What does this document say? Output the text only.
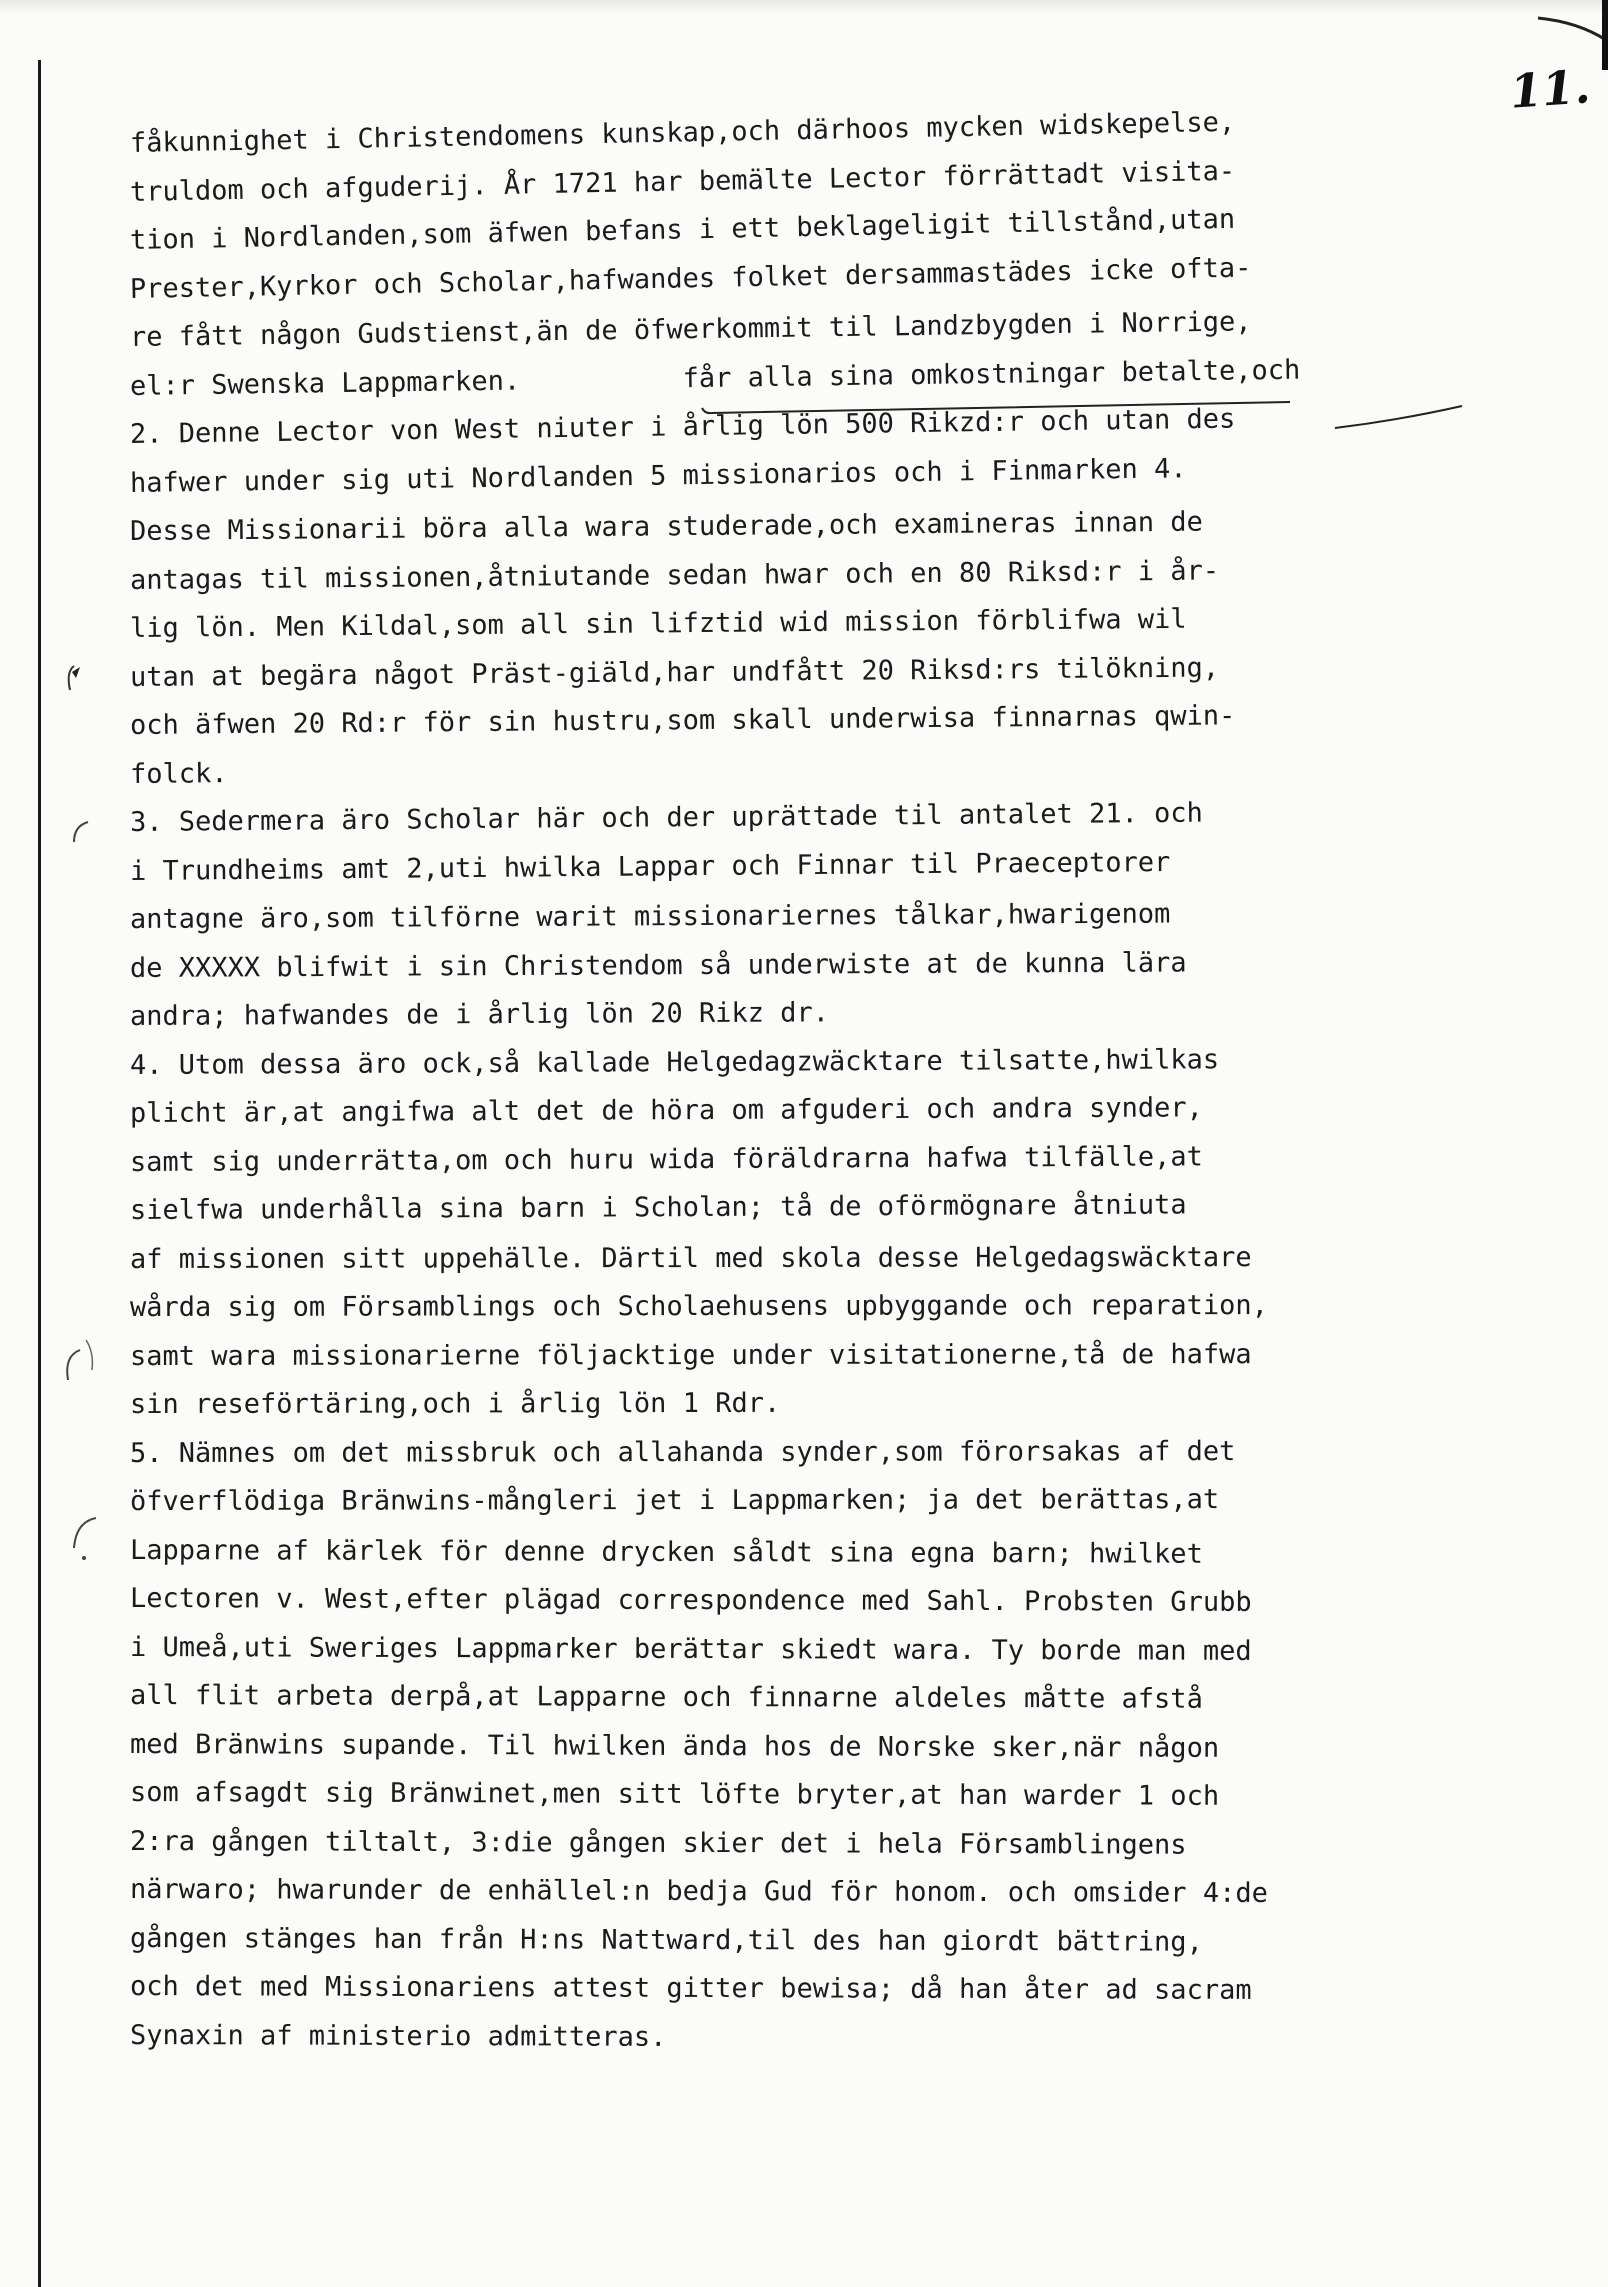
11.
fåkunnighet i Christendomens kunskap,och därhoos mycken widskepelse,
truldom och afguderij. År 1721 har bemälte Lector förrättadt visita-
tion i Nordlanden,som äfwen befans i ett beklageligit tillstånd,utan
Prester,Kyrkor och Scholar,hafwandes folket dersammastädes icke ofta-
re fått någon Gudstienst,än de öfwerkommit til Landzbygden i Norrige,
el:r Swenska Lappmarken.          får alla sina omkostningar betalte,och
2. Denne Lector von West niuter i årlig lön 500 Rikzd:r och utan des
hafwer under sig uti Nordlanden 5 missionarios och i Finmarken 4.
Desse Missionarii böra alla wara studerade,och examineras innan de
antagas til missionen,åtniutande sedan hwar och en 80 Riksd:r i år-
lig lön. Men Kildal,som all sin lifztid wid mission förblifwa wil
utan at begära något Präst-giäld,har undfått 20 Riksd:rs tilökning,
och äfwen 20 Rd:r för sin hustru,som skall underwisa finnarnas qwin-
folck.
3. Sedermera äro Scholar här och der uprättade til antalet 21. och
i Trundheims amt 2,uti hwilka Lappar och Finnar til Praeceptorer
antagne äro,som tilförne warit missionariernes tålkar,hwarigenom
de XXXXX blifwit i sin Christendom så underwiste at de kunna lära
andra; hafwandes de i årlig lön 20 Rikz dr.
4. Utom dessa äro ock,så kallade Helgedagzwäcktare tilsatte,hwilkas
plicht är,at angifwa alt det de höra om afguderi och andra synder,
samt sig underrätta,om och huru wida föräldrarna hafwa tilfälle,at
sielfwa underhålla sina barn i Scholan; tå de oförmögnare åtniuta
af missionen sitt uppehälle. Därtil med skola desse Helgedagswäcktare
wårda sig om Församblings och Scholaehusens upbyggande och reparation,
samt wara missionarierne följacktige under visitationerne,tå de hafwa
sin reseförtäring,och i årlig lön 1 Rdr.
5. Nämnes om det missbruk och allahanda synder,som förorsakas af det
öfverflödiga Bränwins-mångleri jet i Lappmarken; ja det berättas,at
Lapparne af kärlek för denne drycken såldt sina egna barn; hwilket
Lectoren v. West,efter plägad correspondence med Sahl. Probsten Grubb
i Umeå,uti Sweriges Lappmarker berättar skiedt wara. Ty borde man med
all flit arbeta derpå,at Lapparne och finnarne aldeles måtte afstå
med Bränwins supande. Til hwilken ända hos de Norske sker,när någon
som afsagdt sig Bränwinet,men sitt löfte bryter,at han warder 1 och
2:ra gången tiltalt, 3:die gången skier det i hela Församblingens
närwaro; hwarunder de enhällel:n bedja Gud för honom. och omsider 4:de
gången stänges han från H:ns Nattward,til des han giordt bättring,
och det med Missionariens attest gitter bewisa; då han åter ad sacram
Synaxin af ministerio admitteras.
